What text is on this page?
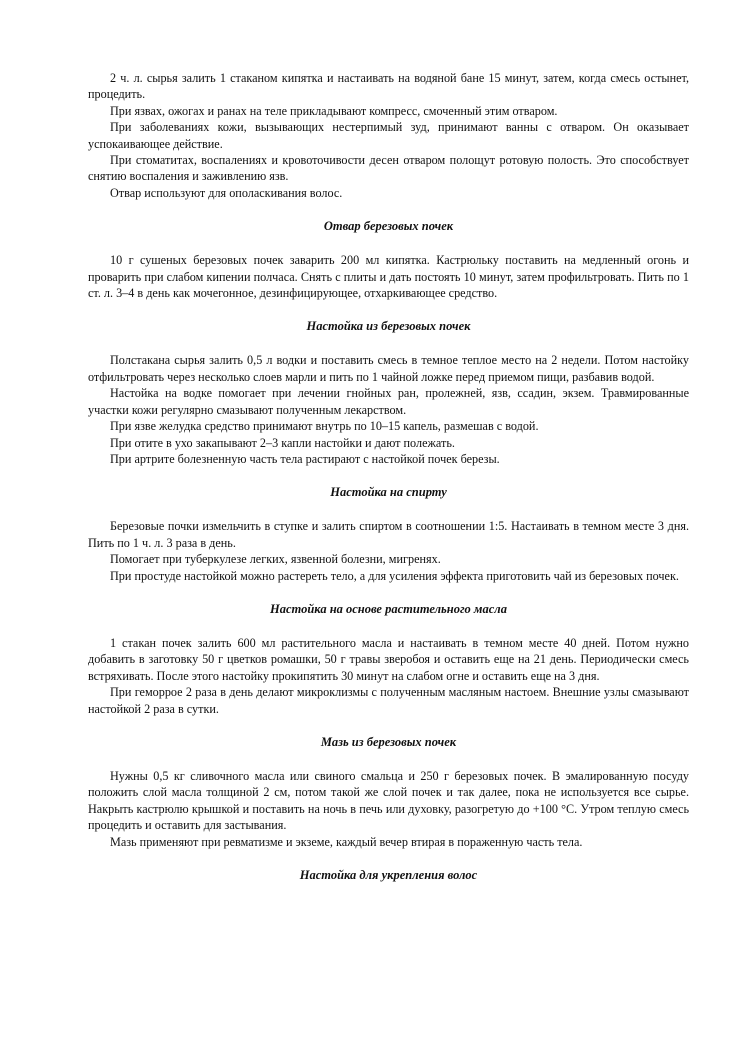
2 ч. л. сырья залить 1 стаканом кипятка и настаивать на водяной бане 15 минут, затем, когда смесь остынет, процедить.

При язвах, ожогах и ранах на теле прикладывают компресс, смоченный этим отваром.

При заболеваниях кожи, вызывающих нестерпимый зуд, принимают ванны с отваром. Он оказывает успокаивающее действие.

При стоматитах, воспалениях и кровоточивости десен отваром полощут ротовую полость. Это способствует снятию воспаления и заживлению язв.

Отвар используют для ополаскивания волос.

Отвар березовых почек

10 г сушеных березовых почек заварить 200 мл кипятка. Кастрюльку поставить на медленный огонь и проварить при слабом кипении полчаса. Снять с плиты и дать постоять 10 минут, затем профильтровать. Пить по 1 ст. л. 3–4 в день как мочегонное, дезинфицирующее, отхаркивающее средство.

Настойка из березовых почек

Полстакана сырья залить 0,5 л водки и поставить смесь в темное теплое место на 2 недели. Потом настойку отфильтровать через несколько слоев марли и пить по 1 чайной ложке перед приемом пищи, разбавив водой.

Настойка на водке помогает при лечении гнойных ран, пролежней, язв, ссадин, экзем. Травмированные участки кожи регулярно смазывают полученным лекарством.

При язве желудка средство принимают внутрь по 10–15 капель, размешав с водой.

При отите в ухо закапывают 2–3 капли настойки и дают полежать.

При артрите болезненную часть тела растирают с настойкой почек березы.

Настойка на спирту

Березовые почки измельчить в ступке и залить спиртом в соотношении 1:5. Настаивать в темном месте 3 дня. Пить по 1 ч. л. 3 раза в день.

Помогает при туберкулезе легких, язвенной болезни, мигренях.

При простуде настойкой можно растереть тело, а для усиления эффекта приготовить чай из березовых почек.

Настойка на основе растительного масла

1 стакан почек залить 600 мл растительного масла и настаивать в темном месте 40 дней. Потом нужно добавить в заготовку 50 г цветков ромашки, 50 г травы зверобоя и оставить еще на 21 день. Периодически смесь встряхивать. После этого настойку прокипятить 30 минут на слабом огне и оставить еще на 3 дня.

При геморрое 2 раза в день делают микроклизмы с полученным масляным настоем. Внешние узлы смазывают настойкой 2 раза в сутки.

Мазь из березовых почек

Нужны 0,5 кг сливочного масла или свиного смальца и 250 г березовых почек. В эмалированную посуду положить слой масла толщиной 2 см, потом такой же слой почек и так далее, пока не используется все сырье. Накрыть кастрюлю крышкой и поставить на ночь в печь или духовку, разогретую до +100 °C. Утром теплую смесь процедить и оставить для застывания.

Мазь применяют при ревматизме и экземе, каждый вечер втирая в пораженную часть тела.

Настойка для укрепления волос
